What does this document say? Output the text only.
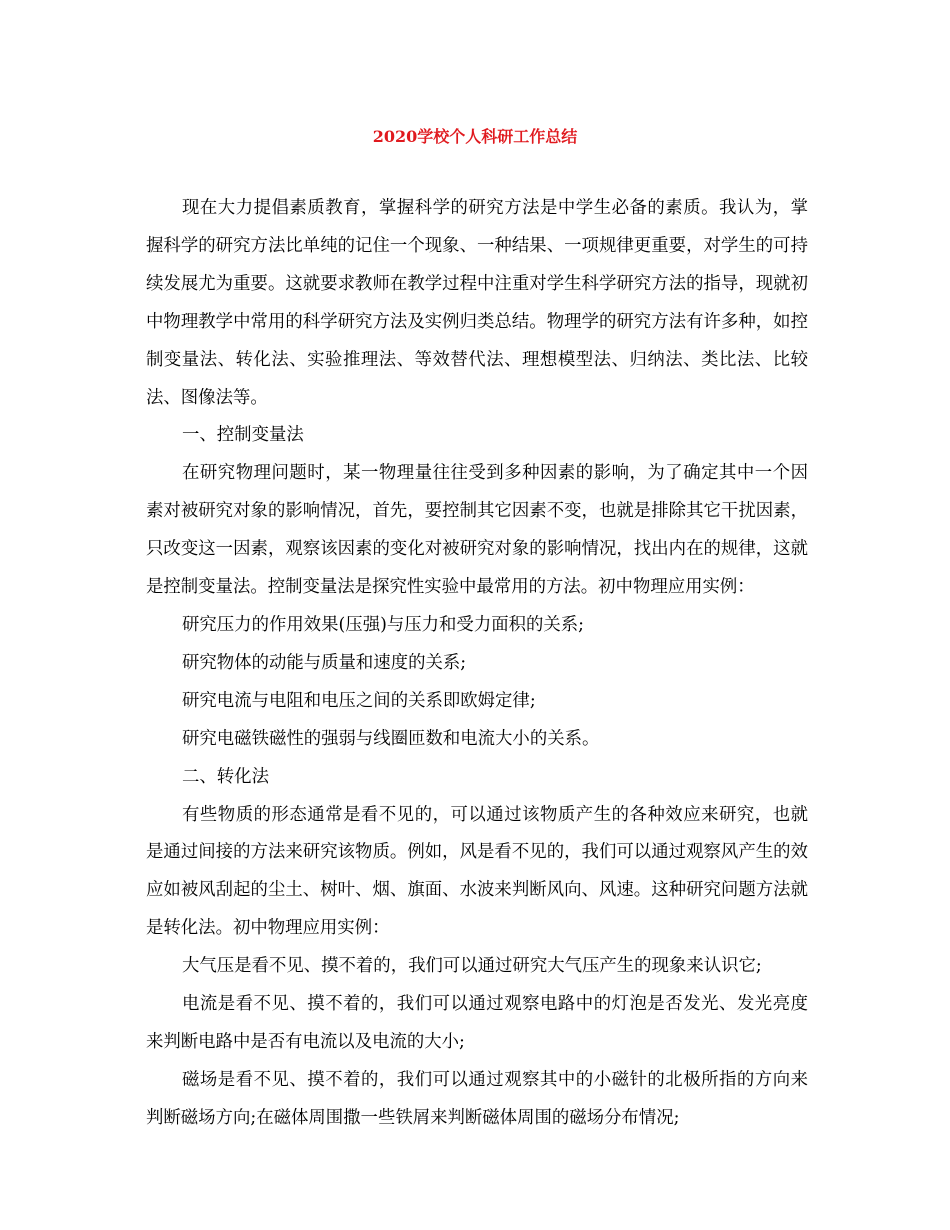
2020学校个人科研工作总结

现在大力提倡素质教育，掌握科学的研究方法是中学生必备的素质。我认为，掌握科学的研究方法比单纯的记住一个现象、一种结果、一项规律更重要，对学生的可持续发展尤为重要。这就要求教师在教学过程中注重对学生科学研究方法的指导，现就初中物理教学中常用的科学研究方法及实例归类总结。物理学的研究方法有许多种，如控制变量法、转化法、实验推理法、等效替代法、理想模型法、归纳法、类比法、比较法、图像法等。

一、控制变量法

在研究物理问题时，某一物理量往往受到多种因素的影响，为了确定其中一个因素对被研究对象的影响情况，首先，要控制其它因素不变，也就是排除其它干扰因素，只改变这一因素，观察该因素的变化对被研究对象的影响情况，找出内在的规律，这就是控制变量法。控制变量法是探究性实验中最常用的方法。初中物理应用实例：

研究压力的作用效果(压强)与压力和受力面积的关系;

研究物体的动能与质量和速度的关系;

研究电流与电阻和电压之间的关系即欧姆定律;

研究电磁铁磁性的强弱与线圈匝数和电流大小的关系。

二、转化法

有些物质的形态通常是看不见的，可以通过该物质产生的各种效应来研究，也就是通过间接的方法来研究该物质。例如，风是看不见的，我们可以通过观察风产生的效应如被风刮起的尘土、树叶、烟、旗面、水波来判断风向、风速。这种研究问题方法就是转化法。初中物理应用实例：

大气压是看不见、摸不着的，我们可以通过研究大气压产生的现象来认识它;

电流是看不见、摸不着的，我们可以通过观察电路中的灯泡是否发光、发光亮度来判断电路中是否有电流以及电流的大小;

磁场是看不见、摸不着的，我们可以通过观察其中的小磁针的北极所指的方向来判断磁场方向;在磁体周围撒一些铁屑来判断磁体周围的磁场分布情况;
